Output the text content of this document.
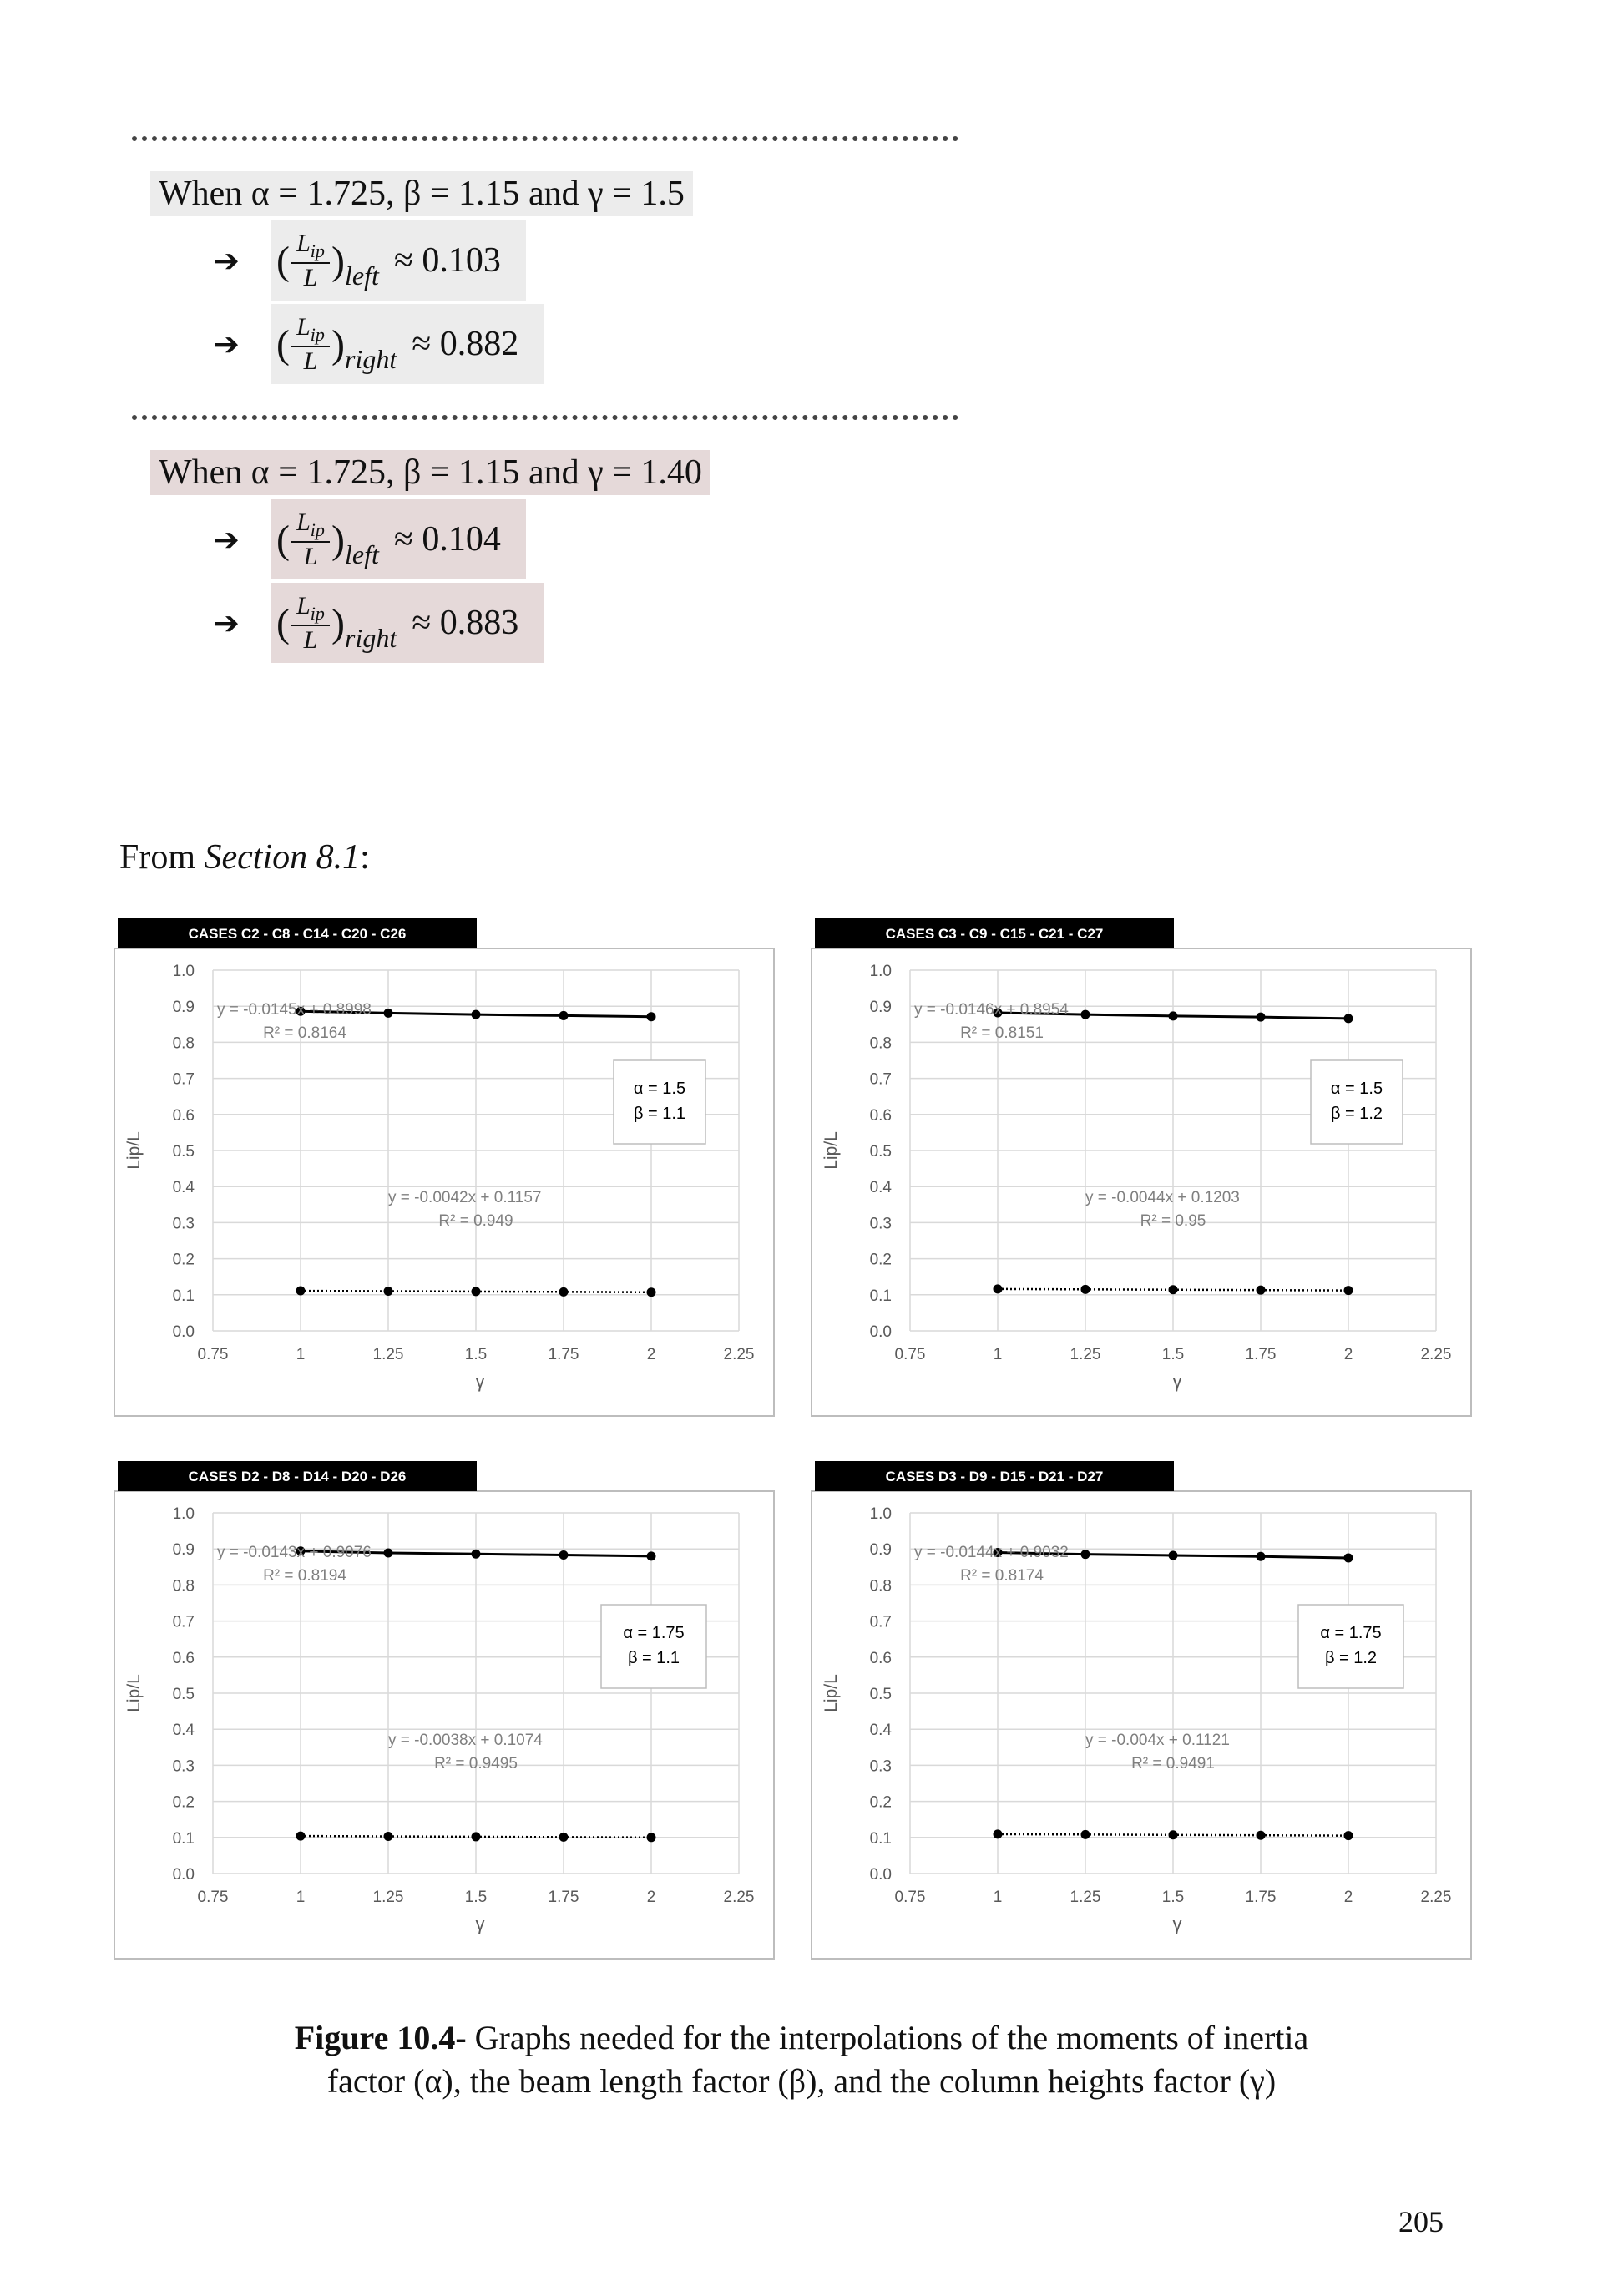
When α = 1.725, β = 1.15 and γ = 1.5
➔ ( $\frac{L_{ip}}{L}$ ) left ≈ 0.103
➔ ( $\frac{L_{ip}}{L}$ ) right ≈ 0.882
When α = 1.725, β = 1.15 and γ = 1.40
➔ ( $\frac{L_{ip}}{L}$ ) left ≈ 0.104
➔ ( $\frac{L_{ip}}{L}$ ) right ≈ 0.883
From Section 8.1:
CASES C2 - C8 - C14 - C20 - C26
0.0
0.1
0.2
0.3
0.4
0.5
0.6
0.7
0.8
0.9
1.0
0.75	1	1.25	1.5	1.75	2	2.25
γ
Lip/L
y = -0.0145x + 0.8998
R² = 0.8164
y = -0.0042x + 0.1157
R² = 0.949
α = 1.5
β = 1.1
CASES C3 - C9 - C15 - C21 - C27
0.0
0.1
0.2
0.3
0.4
0.5
0.6
0.7
0.8
0.9
1.0
0.75	1	1.25	1.5	1.75	2	2.25
γ
Lip/L
y = -0.0146x + 0.8954
R² = 0.8151
y = -0.0044x + 0.1203
R² = 0.95
α = 1.5
β = 1.2
CASES D2 - D8 - D14 - D20 - D26
0.0
0.1
0.2
0.3
0.4
0.5
0.6
0.7
0.8
0.9
1.0
0.75	1	1.25	1.5	1.75	2	2.25
γ
Lip/L
y = -0.0143x + 0.9076
R² = 0.8194
y = -0.0038x + 0.1074
R² = 0.9495
α = 1.75
β = 1.1
CASES D3 - D9 - D15 - D21 - D27
0.0
0.1
0.2
0.3
0.4
0.5
0.6
0.7
0.8
0.9
1.0
0.75	1	1.25	1.5	1.75	2	2.25
γ
Lip/L
y = -0.0144x + 0.9032
R² = 0.8174
y = -0.004x + 0.1121
R² = 0.9491
α = 1.75
β = 1.2
Figure 10.4- Graphs needed for the interpolations of the moments of inertia
factor (α), the beam length factor (β), and the column heights factor (γ)
205
